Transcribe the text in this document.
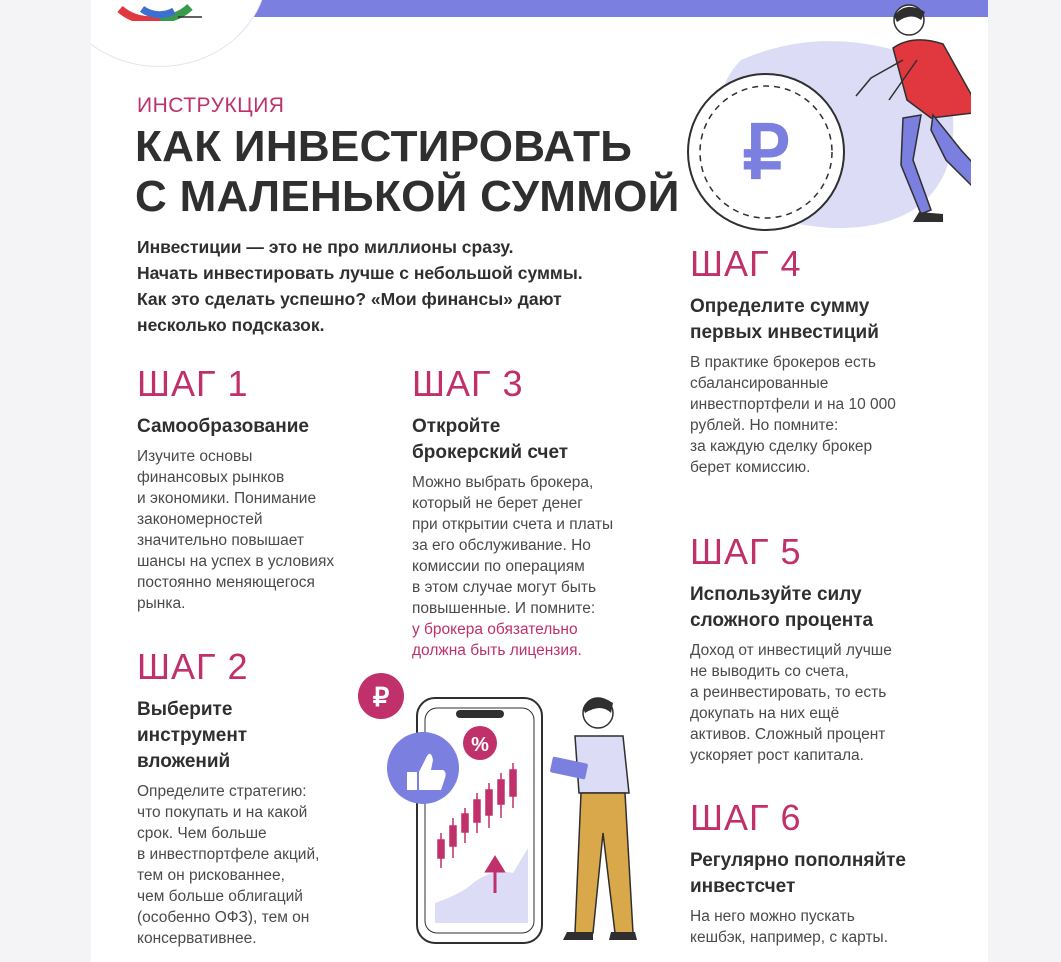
ИНСТРУКЦИЯ
КАК ИНВЕСТИРОВАТЬ
С МАЛЕНЬКОЙ СУММОЙ
Инвестиции — это не про миллионы сразу.
Начать инвестировать лучше с небольшой суммы.
Как это сделать успешно? «Мои финансы» дают
несколько подсказок.
ШАГ 1
Самообразование
Изучите основы
финансовых рынков
и экономики. Понимание
закономерностей
значительно повышает
шансы на успех в условиях
постоянно меняющегося
рынка.
ШАГ 2
Выберите
инструмент
вложений
Определите стратегию:
что покупать и на какой
срок. Чем больше
в инвестпортфеле акций,
тем он рискованнее,
чем больше облигаций
(особенно ОФЗ), тем он
консервативнее.
ШАГ 3
Откройте
брокерский счет
Можно выбрать брокера,
который не берет денег
при открытии счета и платы
за его обслуживание. Но
комиссии по операциям
в этом случае могут быть
повышенные. И помните:
у брокера обязательно
должна быть лицензия.
ШАГ 4
Определите сумму
первых инвестиций
В практике брокеров есть
сбалансированные
инвестпортфели и на 10 000
рублей. Но помните:
за каждую сделку брокер
берет комиссию.
ШАГ 5
Используйте силу
сложного процента
Доход от инвестиций лучше
не выводить со счета,
а реинвестировать, то есть
докупать на них ещё
активов. Сложный процент
ускоряет рост капитала.
ШАГ 6
Регулярно пополняйте
инвестсчет
На него можно пускать
кешбэк, например, с карты.
₽
₽
%
